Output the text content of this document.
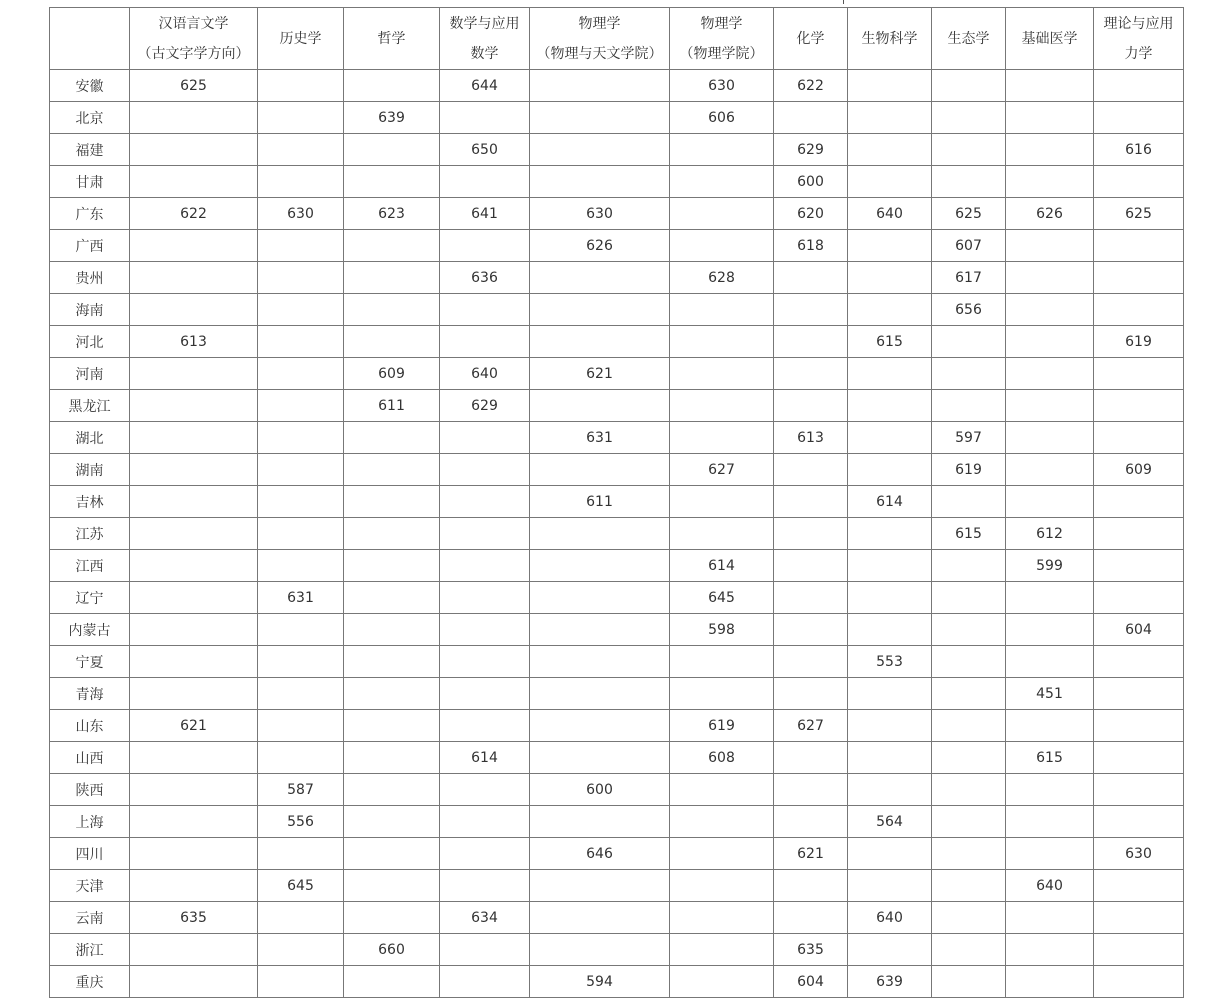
	汉语言文学
（古文字学方向）	历史学	哲学	数学与应用
数学	物理学
（物理与天文学院）	物理学
（物理学院）	化学	生物科学	生态学	基础医学	理论与应用
力学

安徽	625			644		630	622				
北京			639			606					
福建				650			629				616
甘肃							600				
广东	622	630	623	641	630		620	640	625	626	625
广西					626		618		607		
贵州				636		628			617		
海南									656		
河北	613							615			619
河南			609	640	621						
黑龙江			611	629							
湖北					631		613		597		
湖南						627			619		609
吉林					611			614			
江苏									615	612	
江西						614				599	
辽宁		631				645					
内蒙古						598					604
宁夏								553			
青海										451	
山东	621					619	627				
山西				614		608				615	
陕西		587			600						
上海		556						564			
四川					646		621				630
天津		645								640	
云南	635			634				640			
浙江			660				635				
重庆					594		604	639			
